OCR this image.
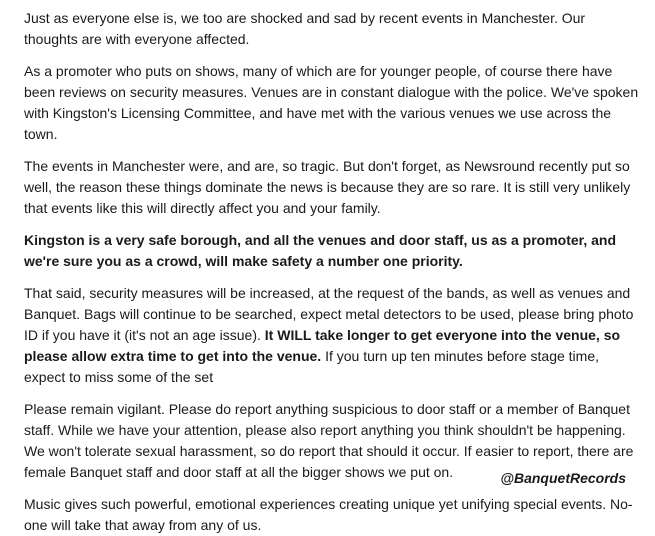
Just as everyone else is, we too are shocked and sad by recent events in Manchester. Our thoughts are with everyone affected.

As a promoter who puts on shows, many of which are for younger people, of course there have been reviews on security measures. Venues are in constant dialogue with the police. We've spoken with Kingston's Licensing Committee, and have met with the various venues we use across the town.

The events in Manchester were, and are, so tragic. But don't forget, as Newsround recently put so well, the reason these things dominate the news is because they are so rare. It is still very unlikely that events like this will directly affect you and your family.

Kingston is a very safe borough, and all the venues and door staff, us as a promoter, and we're sure you as a crowd, will make safety a number one priority.

That said, security measures will be increased, at the request of the bands, as well as venues and Banquet. Bags will continue to be searched, expect metal detectors to be used, please bring photo ID if you have it (it's not an age issue). It WILL take longer to get everyone into the venue, so please allow extra time to get into the venue. If you turn up ten minutes before stage time, expect to miss some of the set

Please remain vigilant. Please do report anything suspicious to door staff or a member of Banquet staff. While we have your attention, please also report anything you think shouldn't be happening. We won't tolerate sexual harassment, so do report that should it occur. If easier to report, there are female Banquet staff and door staff at all the bigger shows we put on.

Music gives such powerful, emotional experiences creating unique yet unifying special events. No-one will take that away from any of us.

@BanquetRecords
